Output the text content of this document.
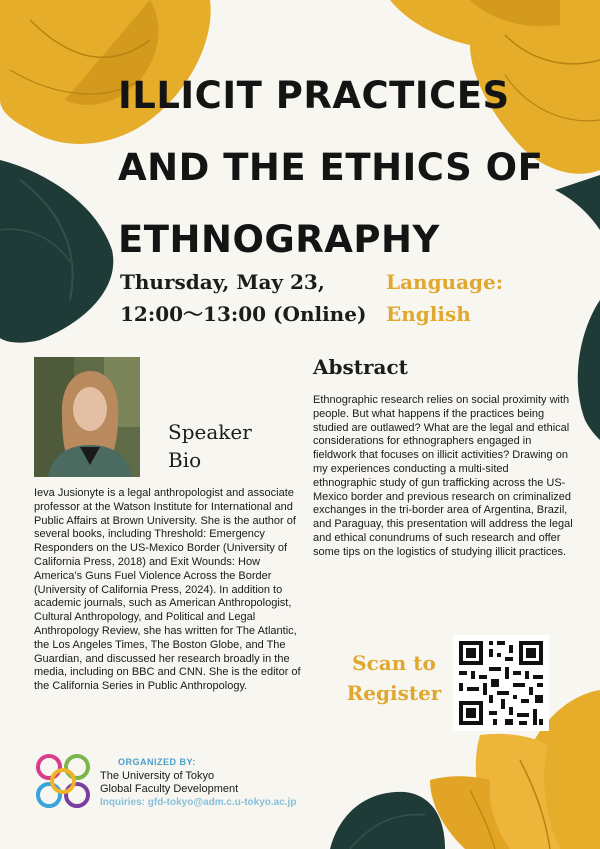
ILLICIT PRACTICES
AND THE ETHICS OF
ETHNOGRAPHY
Thursday, May 23,
12:00〜13:00 (Online)
Language:
English
Speaker
Bio

Ieva Jusionyte is a legal anthropologist and associate professor at the Watson Institute for International and Public Affairs at Brown University. She is the author of several books, including Threshold: Emergency Responders on the US-Mexico Border (University of California Press, 2018) and Exit Wounds: How America’s Guns Fuel Violence Across the Border (University of California Press, 2024). In addition to academic journals, such as American Anthropologist, Cultural Anthropology, and Political and Legal Anthropology Review, she has written for The Atlantic, the Los Angeles Times, The Boston Globe, and The Guardian, and discussed her research broadly in the media, including on BBC and CNN. She is the editor of the California Series in Public Anthropology.

Abstract

Ethnographic research relies on social proximity with people. But what happens if the practices being studied are outlawed? What are the legal and ethical considerations for ethnographers engaged in fieldwork that focuses on illicit activities? Drawing on my experiences conducting a multi-sited ethnographic study of gun trafficking across the US-Mexico border and previous research on criminalized exchanges in the tri-border area of Argentina, Brazil, and Paraguay, this presentation will address the legal and ethical conundrums of such research and offer some tips on the logistics of studying illicit practices.

Scan to
Register
ORGANIZED BY:
The University of Tokyo
Global Faculty Development
Inquiries: gfd-tokyo@adm.c.u-tokyo.ac.jp
